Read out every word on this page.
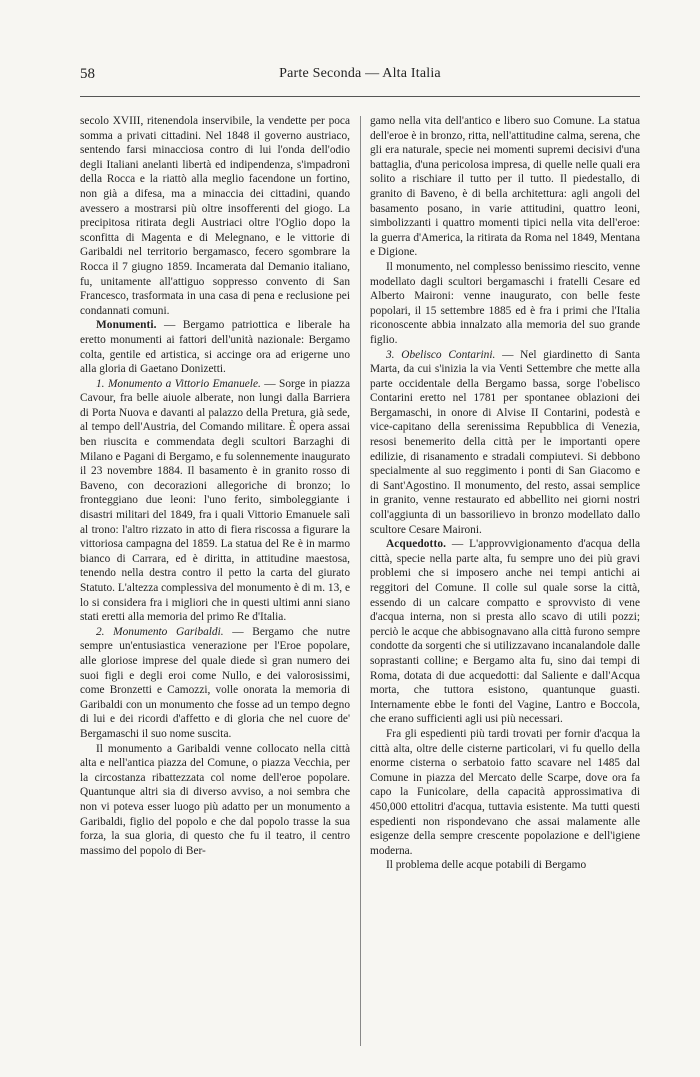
58	Parte Seconda — Alta Italia

secolo XVIII, ritenendola inservibile, la vendette per poca somma a privati cittadini. Nel 1848 il governo austriaco, sentendo farsi minacciosa contro di lui l'onda dell'odio degli Italiani anelanti libertà ed indipendenza, s'impadronì della Rocca e la riattò alla meglio facendone un fortino, non già a difesa, ma a minaccia dei cittadini, quando avessero a mostrarsi più oltre insofferenti del giogo. La precipitosa ritirata degli Austriaci oltre l'Oglio dopo la sconfitta di Magenta e di Melegnano, e le vittorie di Garibaldi nel territorio bergamasco, fecero sgombrare la Rocca il 7 giugno 1859. Incamerata dal Demanio italiano, fu, unitamente all'attiguo soppresso convento di San Francesco, trasformata in una casa di pena e reclusione pei condannati comuni.

Monumenti. — Bergamo patriottica e liberale ha eretto monumenti ai fattori dell'unità nazionale: Bergamo colta, gentile ed artistica, si accinge ora ad erigerne uno alla gloria di Gaetano Donizetti.

1. Monumento a Vittorio Emanuele. — Sorge in piazza Cavour, fra belle aiuole alberate, non lungi dalla Barriera di Porta Nuova e davanti al palazzo della Pretura, già sede, al tempo dell'Austria, del Comando militare. È opera assai ben riuscita e commendata degli scultori Barzaghi di Milano e Pagani di Bergamo, e fu solennemente inaugurato il 23 novembre 1884. Il basamento è in granito rosso di Baveno, con decorazioni allegoriche di bronzo; lo fronteggiano due leoni: l'uno ferito, simboleggiante i disastri militari del 1849, fra i quali Vittorio Emanuele salì al trono: l'altro rizzato in atto di fiera riscossa a figurare la vittoriosa campagna del 1859. La statua del Re è in marmo bianco di Carrara, ed è diritta, in attitudine maestosa, tenendo nella destra contro il petto la carta del giurato Statuto. L'altezza complessiva del monumento è di m. 13, e lo si considera fra i migliori che in questi ultimi anni siano stati eretti alla memoria del primo Re d'Italia.

2. Monumento Garibaldi. — Bergamo che nutre sempre un'entusiastica venerazione per l'Eroe popolare, alle gloriose imprese del quale diede sì gran numero dei suoi figli e degli eroi come Nullo, e dei valorosissimi, come Bronzetti e Camozzi, volle onorata la memoria di Garibaldi con un monumento che fosse ad un tempo degno di lui e dei ricordi d'affetto e di gloria che nel cuore de' Bergamaschi il suo nome suscita.

Il monumento a Garibaldi venne collocato nella città alta e nell'antica piazza del Comune, o piazza Vecchia, per la circostanza ribattezzata col nome dell'eroe popolare. Quantunque altri sia di diverso avviso, a noi sembra che non vi poteva esser luogo più adatto per un monumento a Garibaldi, figlio del popolo e che dal popolo trasse la sua forza, la sua gloria, di questo che fu il teatro, il centro massimo del popolo di Ber-

gamo nella vita dell'antico e libero suo Comune. La statua dell'eroe è in bronzo, ritta, nell'attitudine calma, serena, che gli era naturale, specie nei momenti supremi decisivi d'una battaglia, d'una pericolosa impresa, di quelle nelle quali era solito a rischiare il tutto per il tutto. Il piedestallo, di granito di Baveno, è di bella architettura: agli angoli del basamento posano, in varie attitudini, quattro leoni, simbolizzanti i quattro momenti tipici nella vita dell'eroe: la guerra d'America, la ritirata da Roma nel 1849, Mentana e Digione.

Il monumento, nel complesso benissimo riescito, venne modellato dagli scultori bergamaschi i fratelli Cesare ed Alberto Maironi: venne inaugurato, con belle feste popolari, il 15 settembre 1885 ed è fra i primi che l'Italia riconoscente abbia innalzato alla memoria del suo grande figlio.

3. Obelisco Contarini. — Nel giardinetto di Santa Marta, da cui s'inizia la via Venti Settembre che mette alla parte occidentale della Bergamo bassa, sorge l'obelisco Contarini eretto nel 1781 per spontanee oblazioni dei Bergamaschi, in onore di Alvise II Contarini, podestà e vice-capitano della serenissima Repubblica di Venezia, resosi benemerito della città per le importanti opere edilizie, di risanamento e stradali compiutevi. Si debbono specialmente al suo reggimento i ponti di San Giacomo e di Sant'Agostino. Il monumento, del resto, assai semplice in granito, venne restaurato ed abbellito nei giorni nostri coll'aggiunta di un bassorilievo in bronzo modellato dallo scultore Cesare Maironi.

Acquedotto. — L'approvvigionamento d'acqua della città, specie nella parte alta, fu sempre uno dei più gravi problemi che si imposero anche nei tempi antichi ai reggitori del Comune. Il colle sul quale sorse la città, essendo di un calcare compatto e sprovvisto di vene d'acqua interna, non si presta allo scavo di utili pozzi; perciò le acque che abbisognavano alla città furono sempre condotte da sorgenti che si utilizzavano incanalandole dalle soprastanti colline; e Bergamo alta fu, sino dai tempi di Roma, dotata di due acquedotti: dal Saliente e dall'Acqua morta, che tuttora esistono, quantunque guasti. Internamente ebbe le fonti del Vagine, Lantro e Boccola, che erano sufficienti agli usi più necessari.

Fra gli espedienti più tardi trovati per fornir d'acqua la città alta, oltre delle cisterne particolari, vi fu quello della enorme cisterna o serbatoio fatto scavare nel 1485 dal Comune in piazza del Mercato delle Scarpe, dove ora fa capo la Funicolare, della capacità approssimativa di 450,000 ettolitri d'acqua, tuttavia esistente. Ma tutti questi espedienti non rispondevano che assai malamente alle esigenze della sempre crescente popolazione e dell'igiene moderna.

Il problema delle acque potabili di Bergamo
